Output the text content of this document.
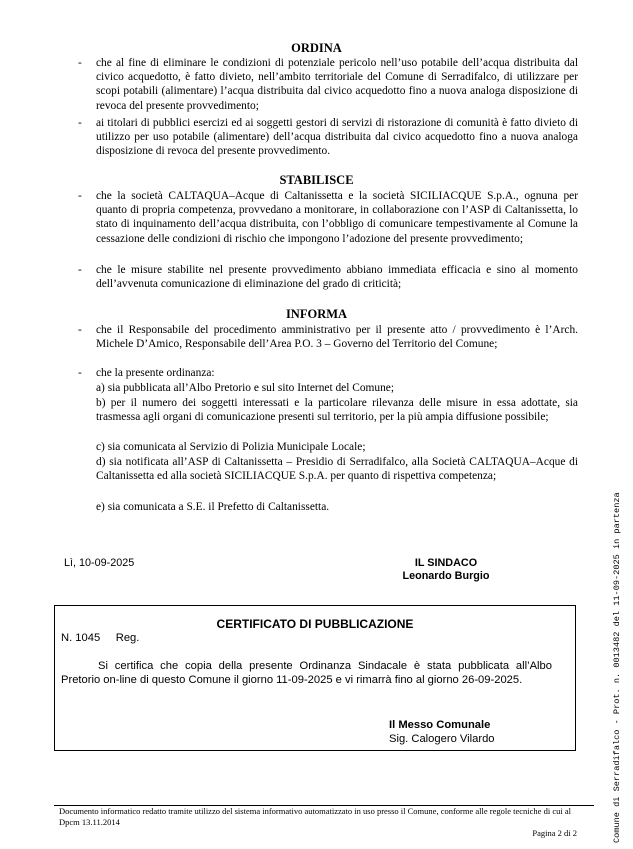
ORDINA
- che al fine di eliminare le condizioni di potenziale pericolo nell’uso potabile dell’acqua distribuita dal civico acquedotto, è fatto divieto, nell’ambito territoriale del Comune di Serradifalco, di utilizzare per scopi potabili (alimentare) l’acqua distribuita dal civico acquedotto fino a nuova analoga disposizione di revoca del presente provvedimento;
- ai titolari di pubblici esercizi ed ai soggetti gestori di servizi di ristorazione di comunità è fatto divieto di utilizzo per uso potabile (alimentare) dell’acqua distribuita dal civico acquedotto fino a nuova analoga disposizione di revoca del presente provvedimento.
STABILISCE
- che la società CALTAQUA–Acque di Caltanissetta e la società SICILIACQUE S.p.A., ognuna per quanto di propria competenza, provvedano a monitorare, in collaborazione con l’ASP di Caltanissetta, lo stato di inquinamento dell’acqua distribuita, con l’obbligo di comunicare tempestivamente al Comune la cessazione delle condizioni di rischio che impongono l’adozione del presente provvedimento;
- che le misure stabilite nel presente provvedimento abbiano immediata efficacia e sino al momento dell’avvenuta comunicazione di eliminazione del grado di criticità;
INFORMA
- che il Responsabile del procedimento amministrativo per il presente atto / provvedimento è l’Arch. Michele D’Amico, Responsabile dell’Area P.O. 3 – Governo del Territorio del Comune;
- che la presente ordinanza:
a) sia pubblicata all’Albo Pretorio e sul sito Internet del Comune;
b) per il numero dei soggetti interessati e la particolare rilevanza delle misure in essa adottate, sia trasmessa agli organi di comunicazione presenti sul territorio, per la più ampia diffusione possibile;
c) sia comunicata al Servizio di Polizia Municipale Locale;
d) sia notificata all’ASP di Caltanissetta – Presidio di Serradifalco, alla Società CALTAQUA–Acque di Caltanissetta ed alla società SICILIACQUE S.p.A. per quanto di rispettiva competenza;
e) sia comunicata a S.E. il Prefetto di Caltanissetta.
Lì, 10-09-2025	IL SINDACO
Leonardo Burgio	Comune di Serradifalco - Prot. n. 0013482 del 11-09-2025 in partenza
CERTIFICATO DI PUBBLICAZIONE
N. 1045 Reg.
Si certifica che copia della presente Ordinanza Sindacale è stata pubblicata all’Albo Pretorio on-line di questo Comune il giorno 11-09-2025 e vi rimarrà fino al giorno 26-09-2025.
Il Messo Comunale
Sig. Calogero Vilardo
Documento informatico redatto tramite utilizzo del sistema informativo automatizzato in uso presso il Comune, conforme alle regole tecniche di cui al Dpcm 13.11.2014
Pagina 2 di 2
